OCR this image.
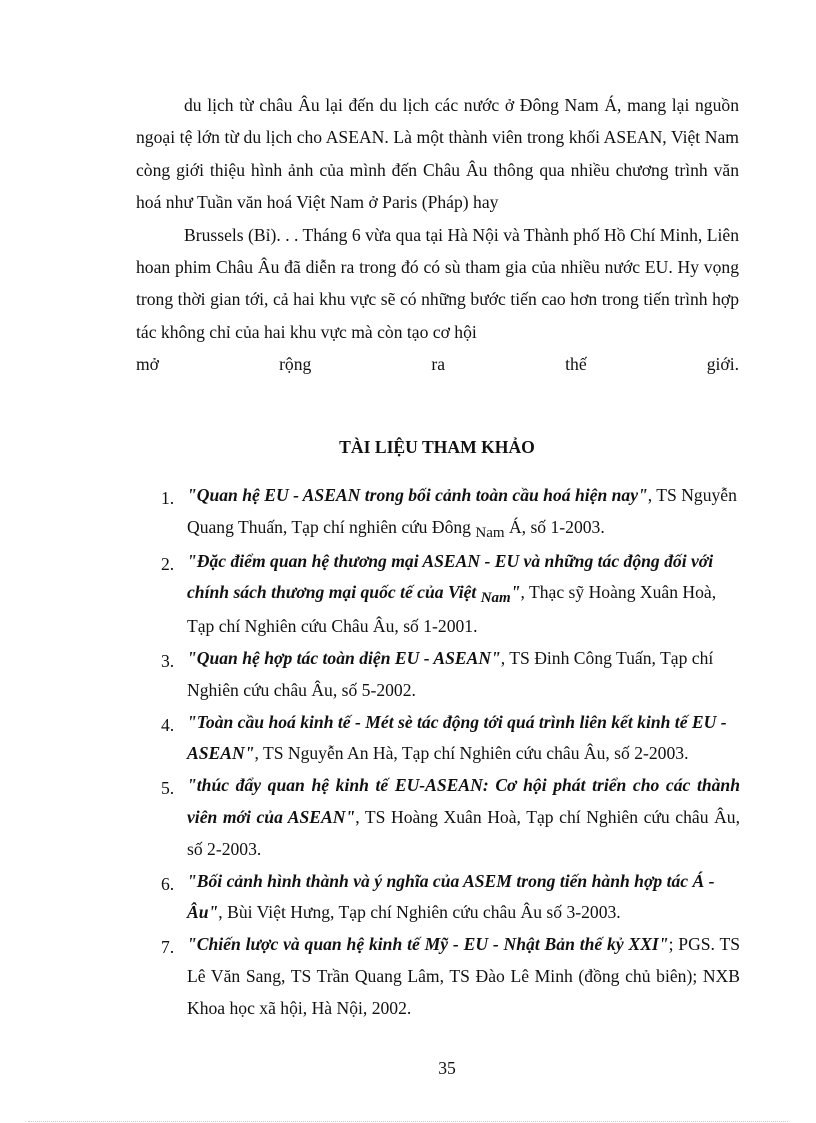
du lịch từ châu Âu lại đến du lịch các nước ở Đông Nam Á, mang lại nguồn ngoại tệ lớn từ du lịch cho ASEAN. Là một thành viên trong khối ASEAN, Việt Nam còng giới thiệu hình ảnh của mình đến Châu Âu thông qua nhiều chương trình văn hoá như Tuần văn hoá Việt Nam ở Paris (Pháp) hay

Brussels (Bỉ). . . Tháng 6 vừa qua tại Hà Nội và Thành phố Hồ Chí Minh, Liên hoan phim Châu Âu đã diễn ra trong đó có sù tham gia của nhiều nước EU. Hy vọng trong thời gian tới, cả hai khu vực sẽ có những bước tiến cao hơn trong tiến trình hợp tác không chỉ của hai khu vực mà còn tạo cơ hội

mở rộng ra thế giới.

TÀI LIỆU THAM KHẢO

1. "Quan hệ EU - ASEAN trong bối cảnh toàn cầu hoá hiện nay", TS Nguyễn Quang Thuấn, Tạp chí nghiên cứu Đông Nam Á, số 1-2003.

2. "Đặc điểm quan hệ thương mại ASEAN - EU và những tác động đối với chính sách thương mại quốc tế của Việt Nam", Thạc sỹ Hoàng Xuân Hoà, Tạp chí Nghiên cứu Châu Âu, số 1-2001.

3. "Quan hệ hợp tác toàn diện EU - ASEAN", TS Đinh Công Tuấn, Tạp chí Nghiên cứu châu Âu, số 5-2002.

4. "Toàn cầu hoá kinh tế - Mét sè tác động tới quá trình liên kết kinh tế EU - ASEAN", TS Nguyễn An Hà, Tạp chí Nghiên cứu châu Âu, số 2-2003.

5. "thúc đẩy quan hệ kinh tế EU-ASEAN: Cơ hội phát triển cho các thành viên mới của ASEAN", TS Hoàng Xuân Hoà, Tạp chí Nghiên cứu châu Âu, số 2-2003.

6. "Bối cảnh hình thành và ý nghĩa của ASEM trong tiến hành hợp tác Á - Âu", Bùi Việt Hưng, Tạp chí Nghiên cứu châu Âu số 3-2003.

7. "Chiến lược và quan hệ kinh tế Mỹ - EU - Nhật Bản thế kỷ XXI"; PGS. TS Lê Văn Sang, TS Trần Quang Lâm, TS Đào Lê Minh (đồng chủ biên); NXB Khoa học xã hội, Hà Nội, 2002.

35
